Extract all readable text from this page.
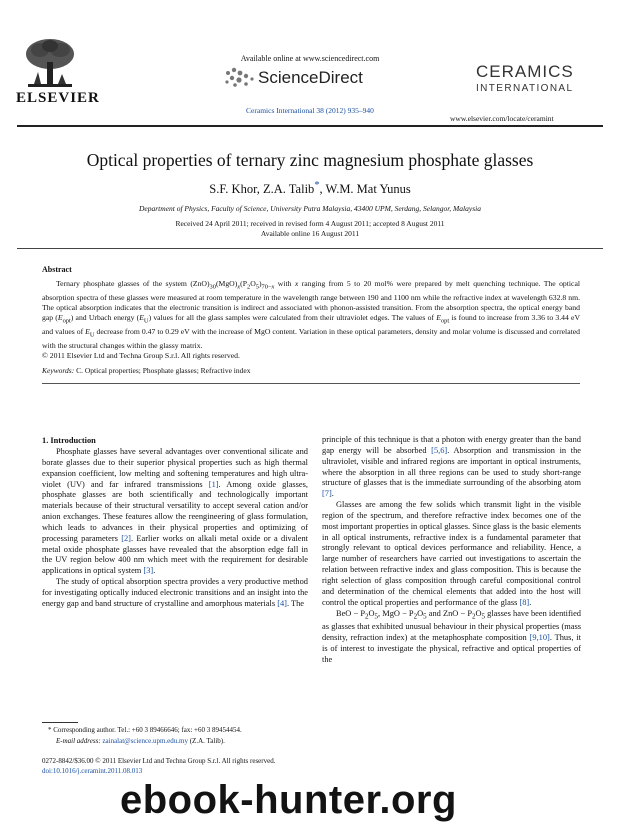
ELSEVIER
Available online at www.sciencedirect.com
ScienceDirect
Ceramics International 38 (2012) 935–940
CERAMICS
INTERNATIONAL
www.elsevier.com/locate/ceramint
Optical properties of ternary zinc magnesium phosphate glasses
S.F. Khor, Z.A. Talib*, W.M. Mat Yunus
Department of Physics, Faculty of Science, University Putra Malaysia, 43400 UPM, Serdang, Selangor, Malaysia
Received 24 April 2011; received in revised form 4 August 2011; accepted 8 August 2011
Available online 16 August 2011
Abstract
Ternary phosphate glasses of the system $(ZnO)_{30}(MgO)_x(P_2O_5)_{70-x}$ with x ranging from 5 to 20 mol% were prepared by melt quenching technique. The optical absorption spectra of these glasses were measured at room temperature in the wavelength range between 190 and 1100 nm while the refractive index at wavelength 632.8 nm. The optical absorption indicates that the electronic transition is indirect and associated with phonon-assisted transition. From the absorption spectra, the optical energy band gap $(E_{opt})$ and Urbach energy $(E_U)$ values for all the glass samples were calculated from their ultraviolet edges. The values of $E_{opt}$ is found to increase from 3.36 to 3.44 eV and values of $E_U$ decrease from 0.47 to 0.29 eV with the increase of MgO content. Variation in these optical parameters, density and molar volume is discussed and correlated with the structural changes within the glassy matrix.
© 2011 Elsevier Ltd and Techna Group S.r.l. All rights reserved.
Keywords: C. Optical properties; Phosphate glasses; Refractive index
1. Introduction

Phosphate glasses have several advantages over conventional silicate and borate glasses due to their superior physical properties such as high thermal expansion coefficient, low melting and softening temperatures and high ultra-violet (UV) and far infrared transmissions [1]. Among oxide glasses, phosphate glasses are both scientifically and technologically important materials because of their structural versatility to accept several cation and/or anion exchanges. These features allow the reengineering of glass formulation, which leads to advances in their physical properties and optimizing of processing parameters [2]. Earlier works on alkali metal oxide or a divalent metal oxide phosphate glasses have revealed that the absorption edge fall in the UV region below 400 nm which meet with the requirement for desirable applications in optical system [3].

The study of optical absorption spectra provides a very productive method for investigating optically induced electronic transitions and an insight into the energy gap and band structure of crystalline and amorphous materials [4]. The

principle of this technique is that a photon with energy greater than the band gap energy will be absorbed [5,6]. Absorption and transmission in the ultraviolet, visible and infrared regions are important in optical instruments, where the absorption in all three regions can be used to study short-range structure of glasses that is the immediate surrounding of the absorbing atom [7].

Glasses are among the few solids which transmit light in the visible region of the spectrum, and therefore refractive index becomes one of the most important properties in optical glasses. Since glass is the basic elements in all optical instruments, refractive index is a fundamental parameter that strongly relevant to optical devices performance and reliability. Hence, a large number of researchers have carried out investigations to ascertain the relation between refractive index and glass composition. This is because the right selection of glass composition through careful compositional control and determination of the chemical elements that added into the host will control the optical properties and performance of the glass [8].

BeO − $P_2O_5$, MgO − $P_2O_5$ and ZnO − $P_2O_5$ glasses have been identified as glasses that exhibited unusual behaviour in their physical properties (mass density, refraction index) at the metaphosphate composition [9,10]. Thus, it is of interest to investigate the physical, refractive and optical properties of the

* Corresponding author. Tel.: +60 3 89466646; fax: +60 3 89454454.
E-mail address: zainalat@science.upm.edu.my (Z.A. Talib).
0272-8842/$36.00 © 2011 Elsevier Ltd and Techna Group S.r.l. All rights reserved.
doi:10.1016/j.ceramint.2011.08.013
ebook-hunter.org
